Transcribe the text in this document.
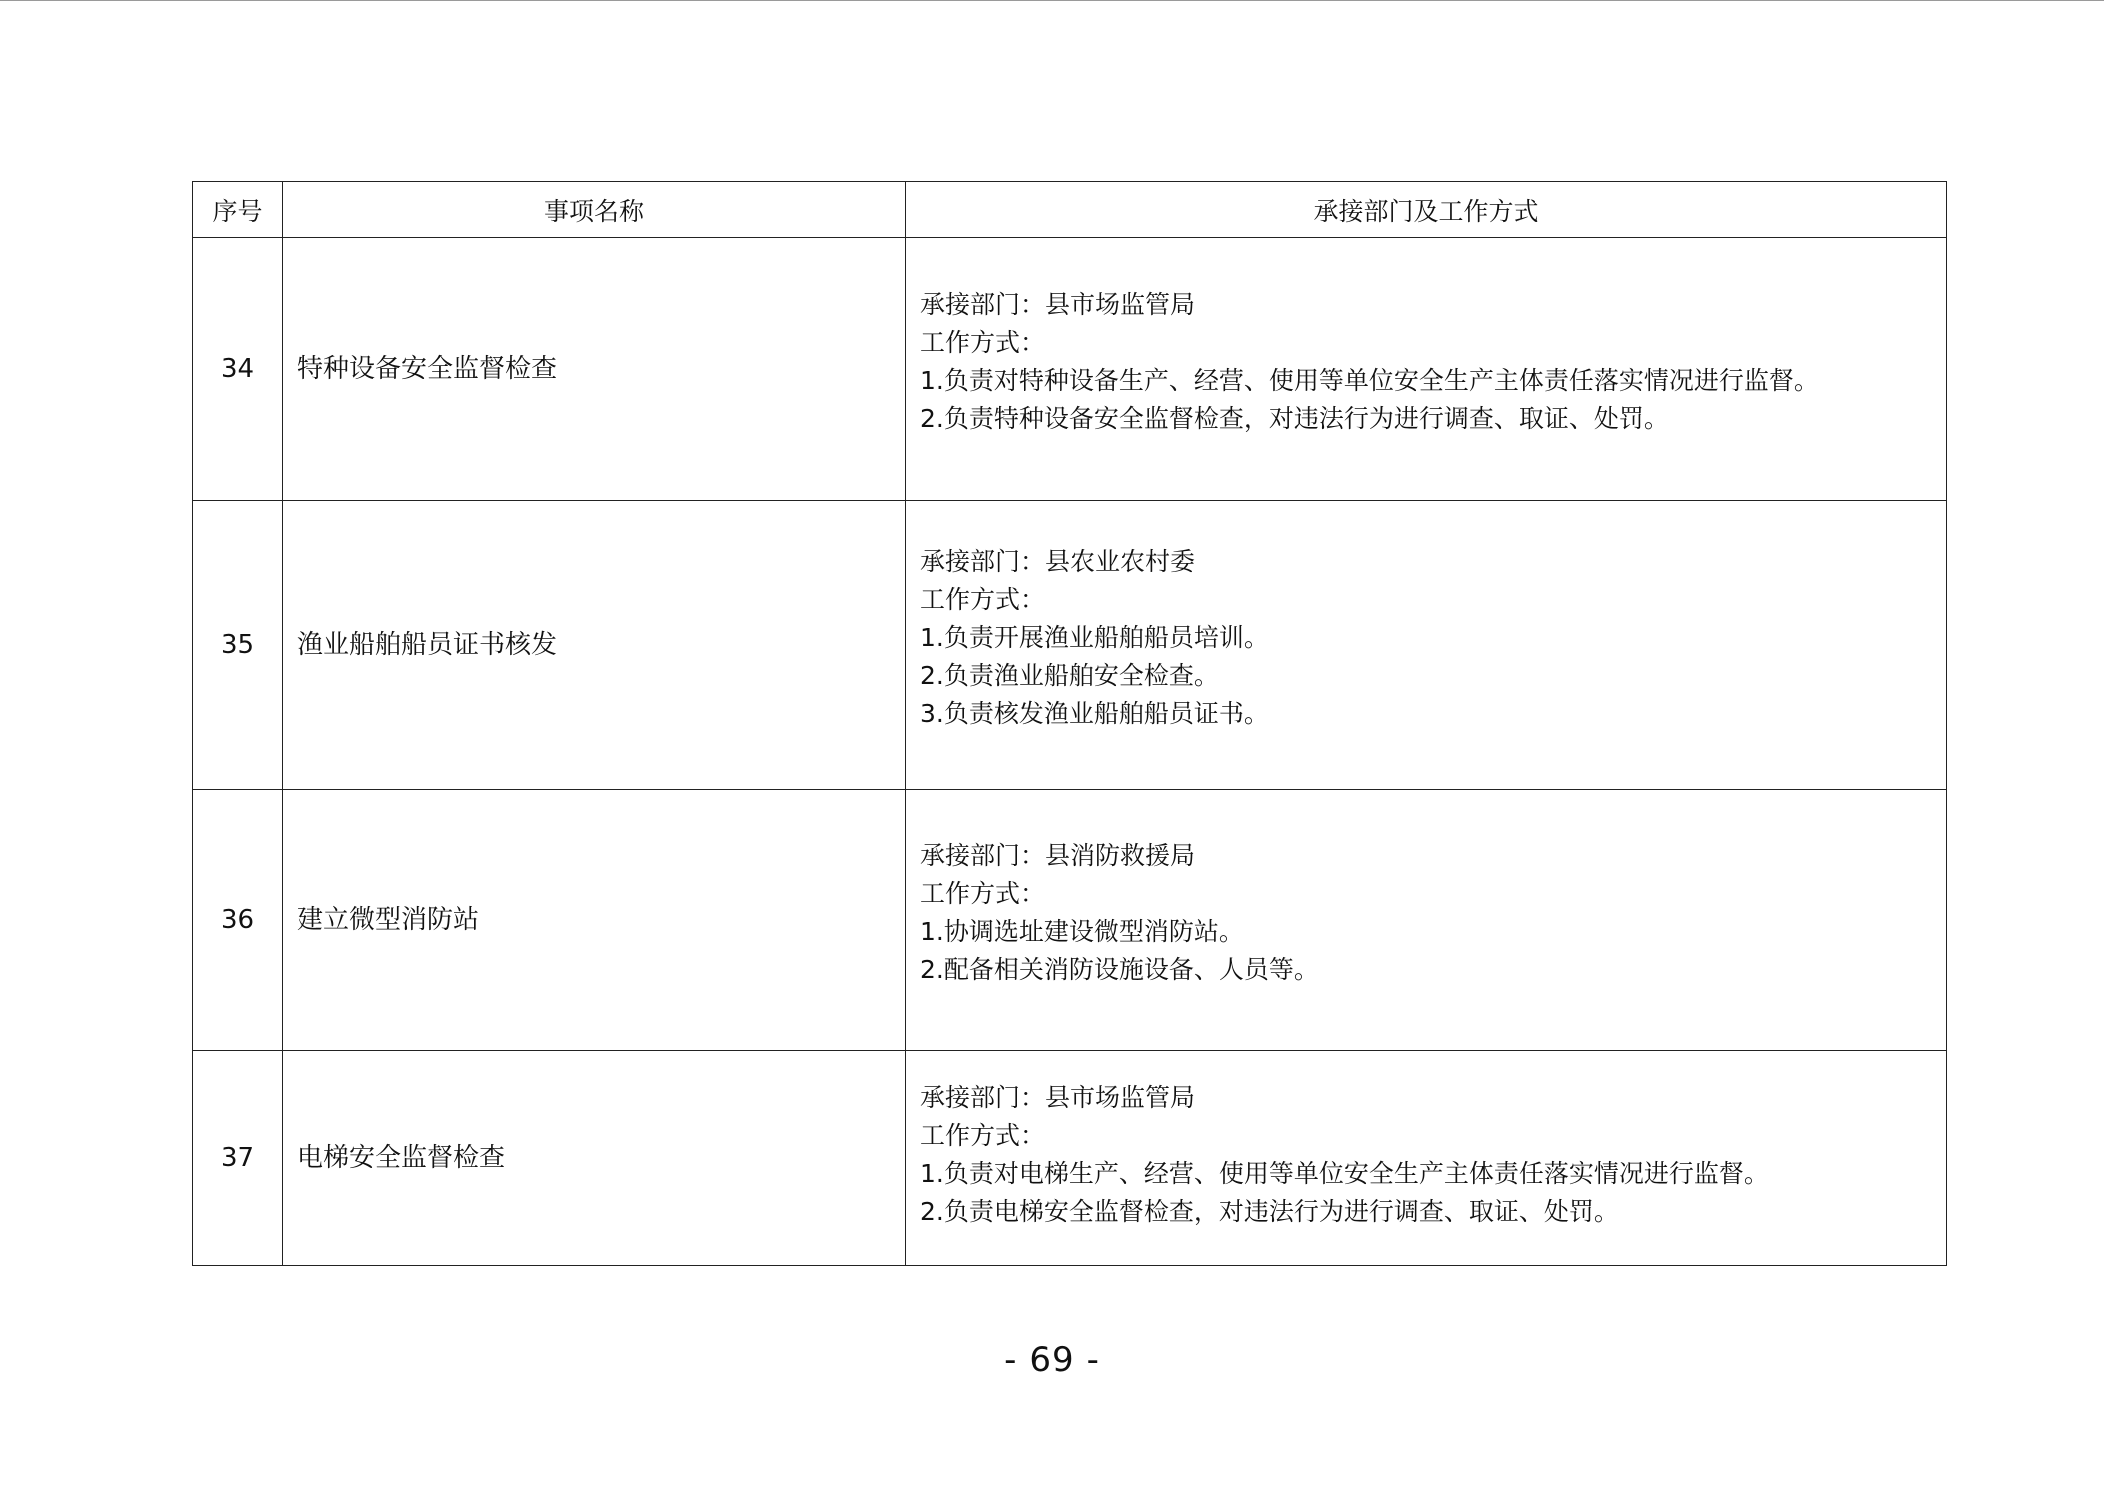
序号	事项名称	承接部门及工作方式
34	特种设备安全监督检查	承接部门：县市场监管局
工作方式：
1.负责对特种设备生产、经营、使用等单位安全生产主体责任落实情况进行监督。
2.负责特种设备安全监督检查，对违法行为进行调查、取证、处罚。

35	渔业船舶船员证书核发	承接部门：县农业农村委
工作方式：
1.负责开展渔业船舶船员培训。
2.负责渔业船舶安全检查。
3.负责核发渔业船舶船员证书。

36	建立微型消防站	承接部门：县消防救援局
工作方式：
1.协调选址建设微型消防站。
2.配备相关消防设施设备、人员等。

37	电梯安全监督检查	承接部门：县市场监管局
工作方式：
1.负责对电梯生产、经营、使用等单位安全生产主体责任落实情况进行监督。
2.负责电梯安全监督检查，对违法行为进行调查、取证、处罚。
- 69 -
